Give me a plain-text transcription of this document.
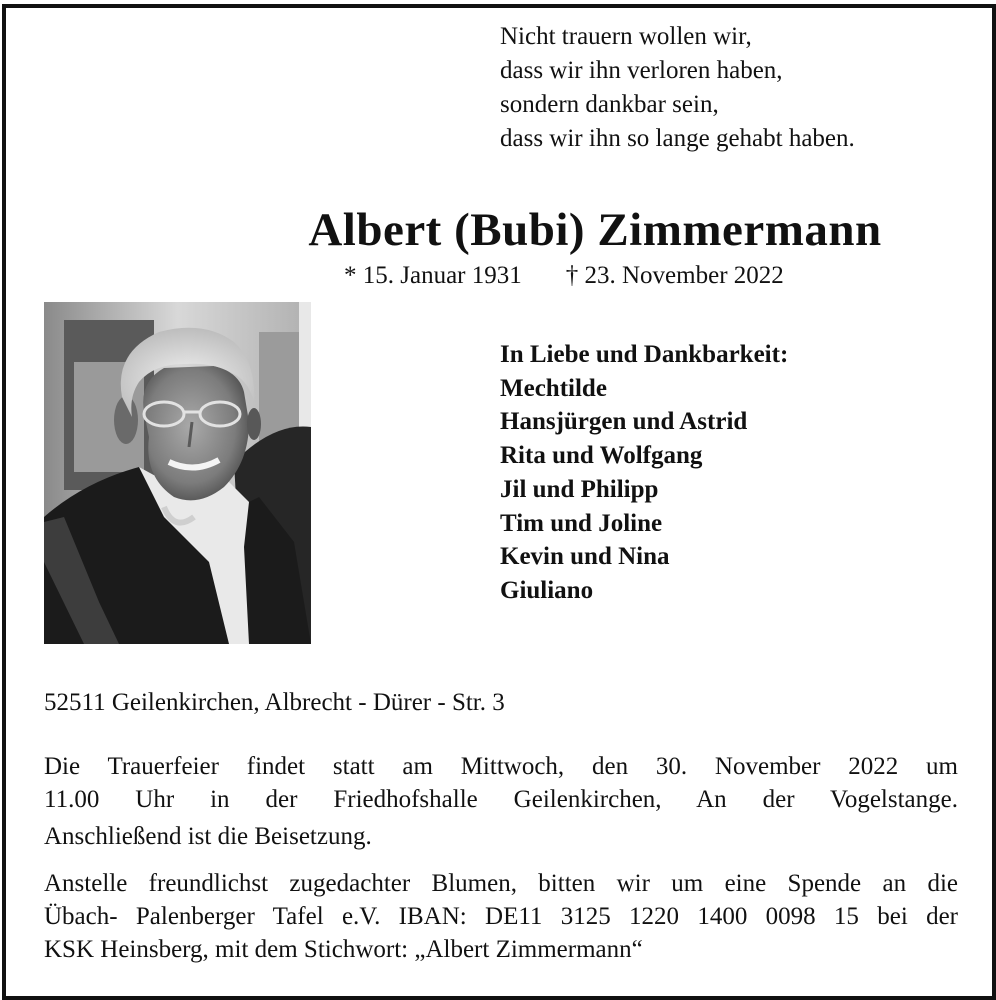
Nicht trauern wollen wir,
dass wir ihn verloren haben,
sondern dankbar sein,
dass wir ihn so lange gehabt haben.
Albert (Bubi) Zimmermann
* 15. Januar 1931 † 23. November 2022
In Liebe und Dankbarkeit:
Mechtilde
Hansjürgen und Astrid
Rita und Wolfgang
Jil und Philipp
Tim und Joline
Kevin und Nina
Giuliano
52511 Geilenkirchen, Albrecht - Dürer - Str. 3
Die Trauerfeier findet statt am Mittwoch, den 30. November 2022 um
11.00 Uhr in der Friedhofshalle Geilenkirchen, An der Vogelstange.
Anschließend ist die Beisetzung.
Anstelle freundlichst zugedachter Blumen, bitten wir um eine Spende an die
Übach- Palenberger Tafel e.V. IBAN: DE11 3125 1220 1400 0098 15 bei der
KSK Heinsberg, mit dem Stichwort: „Albert Zimmermann“
